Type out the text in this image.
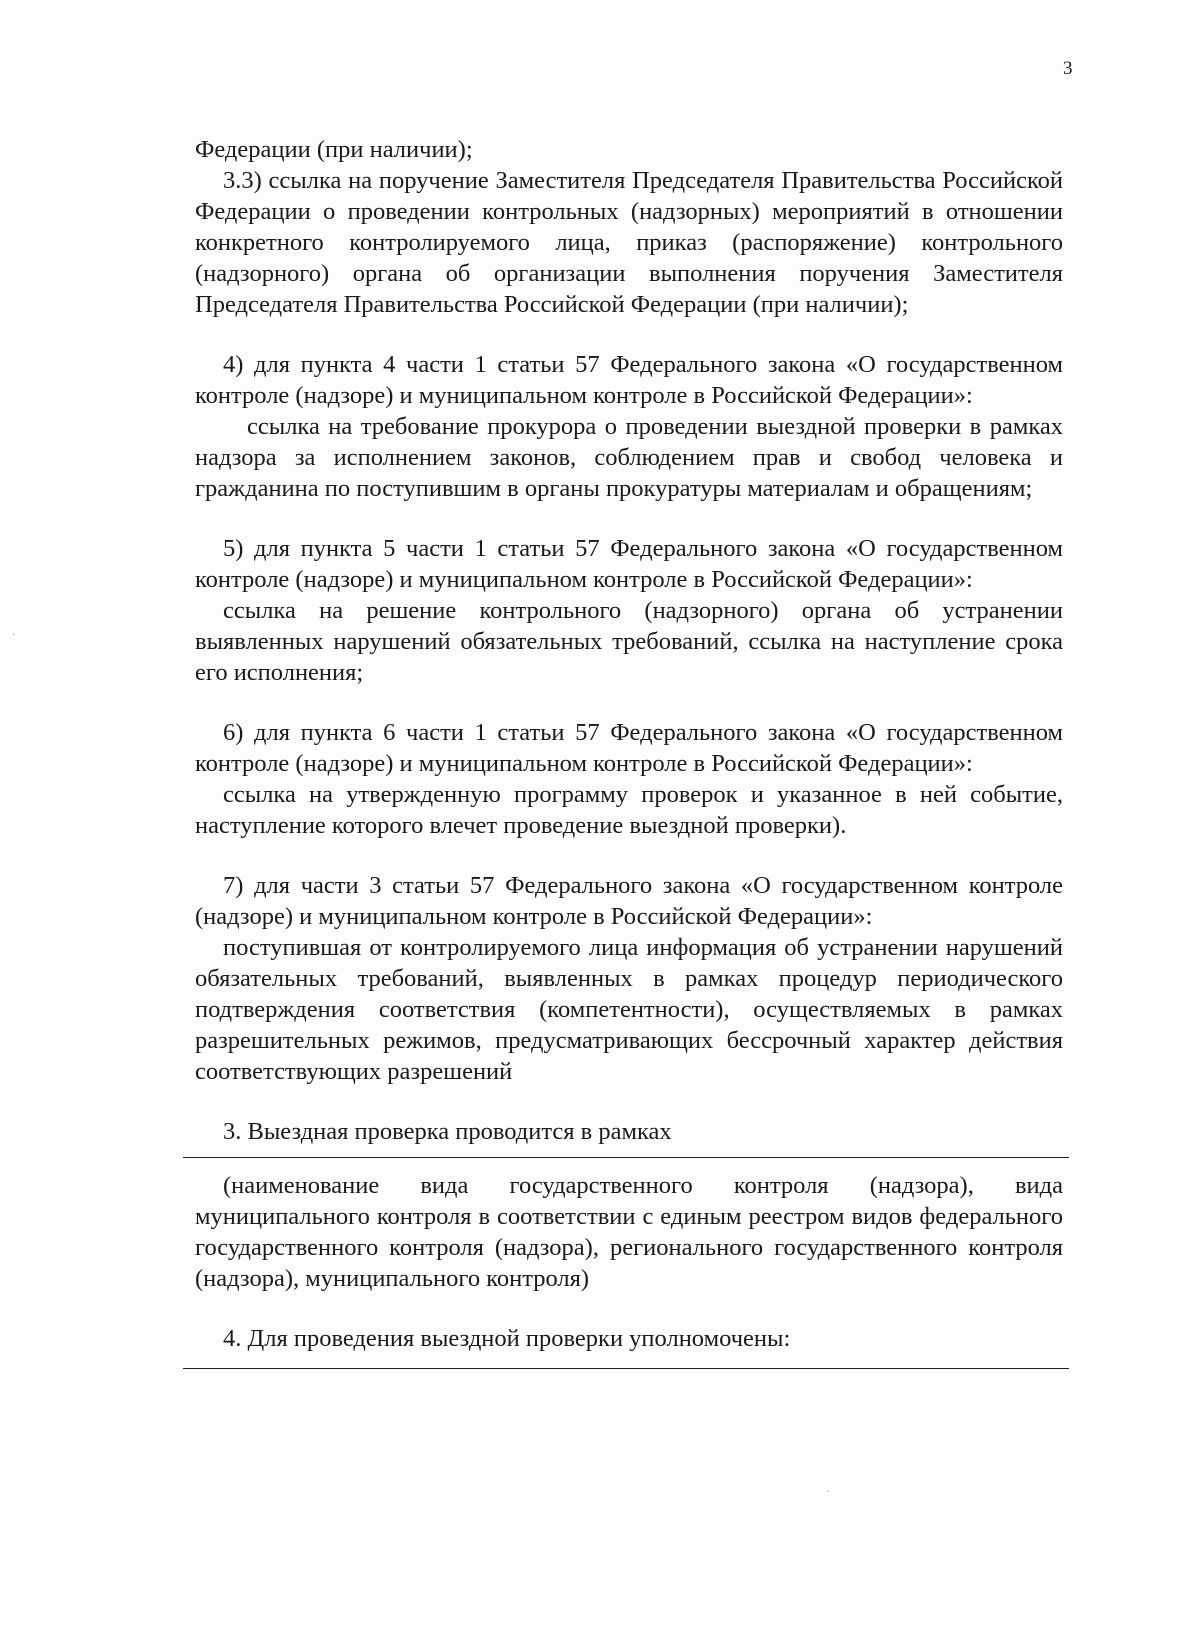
3

Федерации (при наличии);

3.3) ссылка на поручение Заместителя Председателя Правительства Российской Федерации о проведении контрольных (надзорных) мероприятий в отношении конкретного контролируемого лица, приказ (распоряжение) контрольного (надзорного) органа об организации выполнения поручения Заместителя Председателя Правительства Российской Федерации (при наличии);

4) для пункта 4 части 1 статьи 57 Федерального закона «О государственном контроле (надзоре) и муниципальном контроле в Российской Федерации»:

ссылка на требование прокурора о проведении выездной проверки в рамках надзора за исполнением законов, соблюдением прав и свобод человека и гражданина по поступившим в органы прокуратуры материалам и обращениям;

5) для пункта 5 части 1 статьи 57 Федерального закона «О государственном контроле (надзоре) и муниципальном контроле в Российской Федерации»:

ссылка на решение контрольного (надзорного) органа об устранении выявленных нарушений обязательных требований, ссылка на наступление срока его исполнения;

6) для пункта 6 части 1 статьи 57 Федерального закона «О государственном контроле (надзоре) и муниципальном контроле в Российской Федерации»:

ссылка на утвержденную программу проверок и указанное в ней событие, наступление которого влечет проведение выездной проверки).

7) для части 3 статьи 57 Федерального закона «О государственном контроле (надзоре) и муниципальном контроле в Российской Федерации»:

поступившая от контролируемого лица информация об устранении нарушений обязательных требований, выявленных в рамках процедур периодического подтверждения соответствия (компетентности), осуществляемых в рамках разрешительных режимов, предусматривающих бессрочный характер действия соответствующих разрешений

3. Выездная проверка проводится в рамках

(наименование вида государственного контроля (надзора), вида муниципального контроля в соответствии с единым реестром видов федерального государственного контроля (надзора), регионального государственного контроля (надзора), муниципального контроля)

4. Для проведения выездной проверки уполномочены:

·
·
